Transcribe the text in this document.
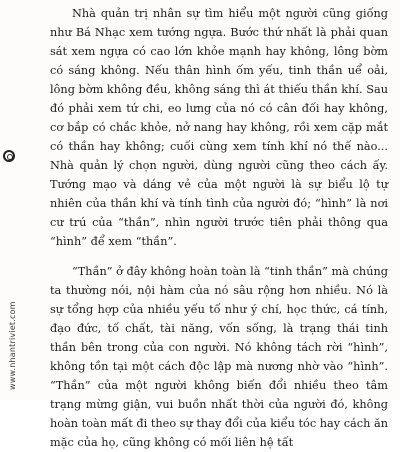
www.nhantriviet.com

Nhà quản trị nhân sự tìm hiểu một người cũng giống như Bá Nhạc xem tướng ngựa. Bước thứ nhất là phải quan sát xem ngựa có cao lớn khỏe mạnh hay không, lông bờm có sáng không. Nếu thân hình ốm yếu, tinh thần uể oải, lông bờm không đều, không sáng thì át thiếu thần khí. Sau đó phải xem tứ chi, eo lưng của nó có cân đối hay không, cơ bắp có chắc khỏe, nở nang hay không, rồi xem cặp mắt có thần hay không; cuối cùng xem tính khí nó thế nào... Nhà quản lý chọn người, dùng người cũng theo cách ấy. Tướng mạo và dáng vẻ của một người là sự biểu lộ tự nhiên của thần khí và tính tình của người đó; “hình” là nơi cư trú của “thần”, nhìn người trước tiên phải thông qua “hình” để xem “thần”.

“Thần” ở đây không hoàn toàn là “tinh thần” mà chúng ta thường nói, nội hàm của nó sâu rộng hơn nhiều. Nó là sự tổng hợp của nhiều yếu tố như ý chí, học thức, cá tính, đạo đức, tố chất, tài năng, vốn sống, là trạng thái tinh thần bên trong của con người. Nó không tách rời “hình”, không tồn tại một cách độc lập mà nương nhờ vào “hình”. “Thần” của một người không biến đổi nhiều theo tâm trạng mừng giận, vui buồn nhất thời của người đó, không hoàn toàn mất đi theo sự thay đổi của kiểu tóc hay cách ăn mặc của họ, cũng không có mối liên hệ tất
